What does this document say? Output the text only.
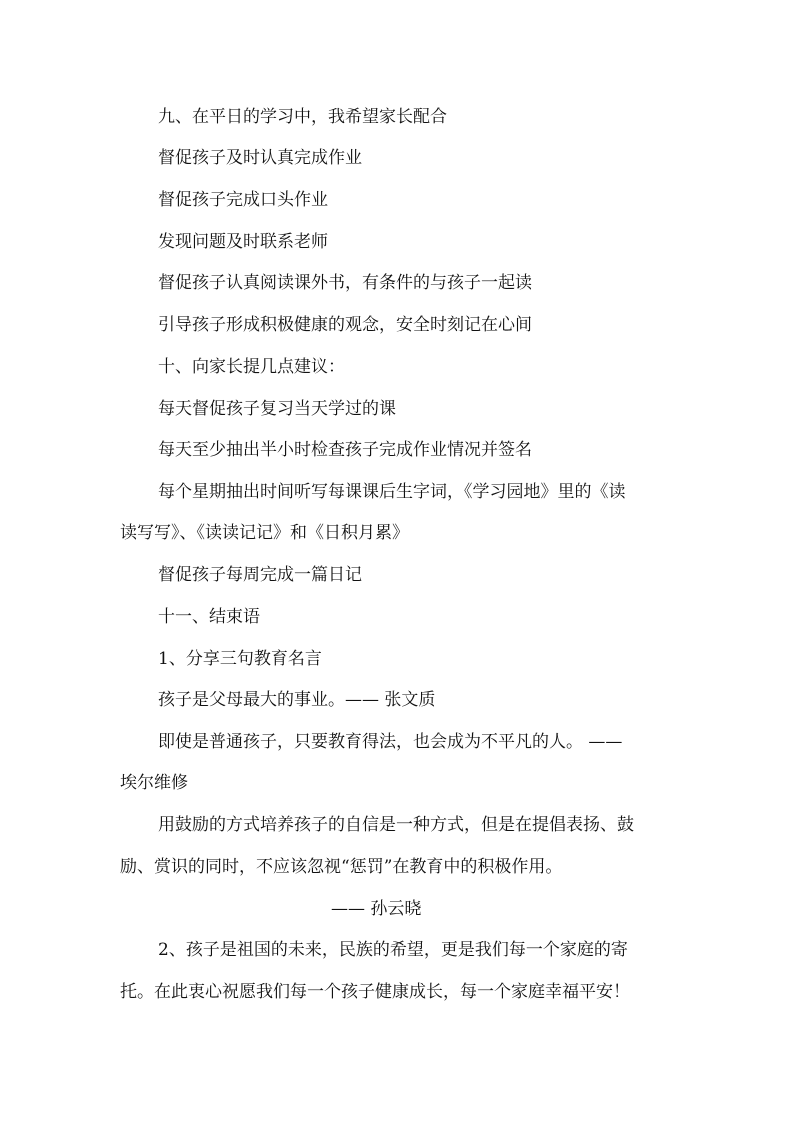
九、在平日的学习中，我希望家长配合
督促孩子及时认真完成作业
督促孩子完成口头作业
发现问题及时联系老师
督促孩子认真阅读课外书，有条件的与孩子一起读
引导孩子形成积极健康的观念，安全时刻记在心间
十、向家长提几点建议：
每天督促孩子复习当天学过的课
每天至少抽出半小时检查孩子完成作业情况并签名
每个星期抽出时间听写每课课后生字词，《学习园地》里的《读
读写写》、《读读记记》和《日积月累》
督促孩子每周完成一篇日记
十一、结束语
1、分享三句教育名言
孩子是父母最大的事业。—— 张文质
即使是普通孩子，只要教育得法，也会成为不平凡的人。 ——
埃尔维修
用鼓励的方式培养孩子的自信是一种方式，但是在提倡表扬、鼓
励、赏识的同时，不应该忽视“惩罚”在教育中的积极作用。
—— 孙云晓
2、孩子是祖国的未来，民族的希望，更是我们每一个家庭的寄
托。在此衷心祝愿我们每一个孩子健康成长，每一个家庭幸福平安！
